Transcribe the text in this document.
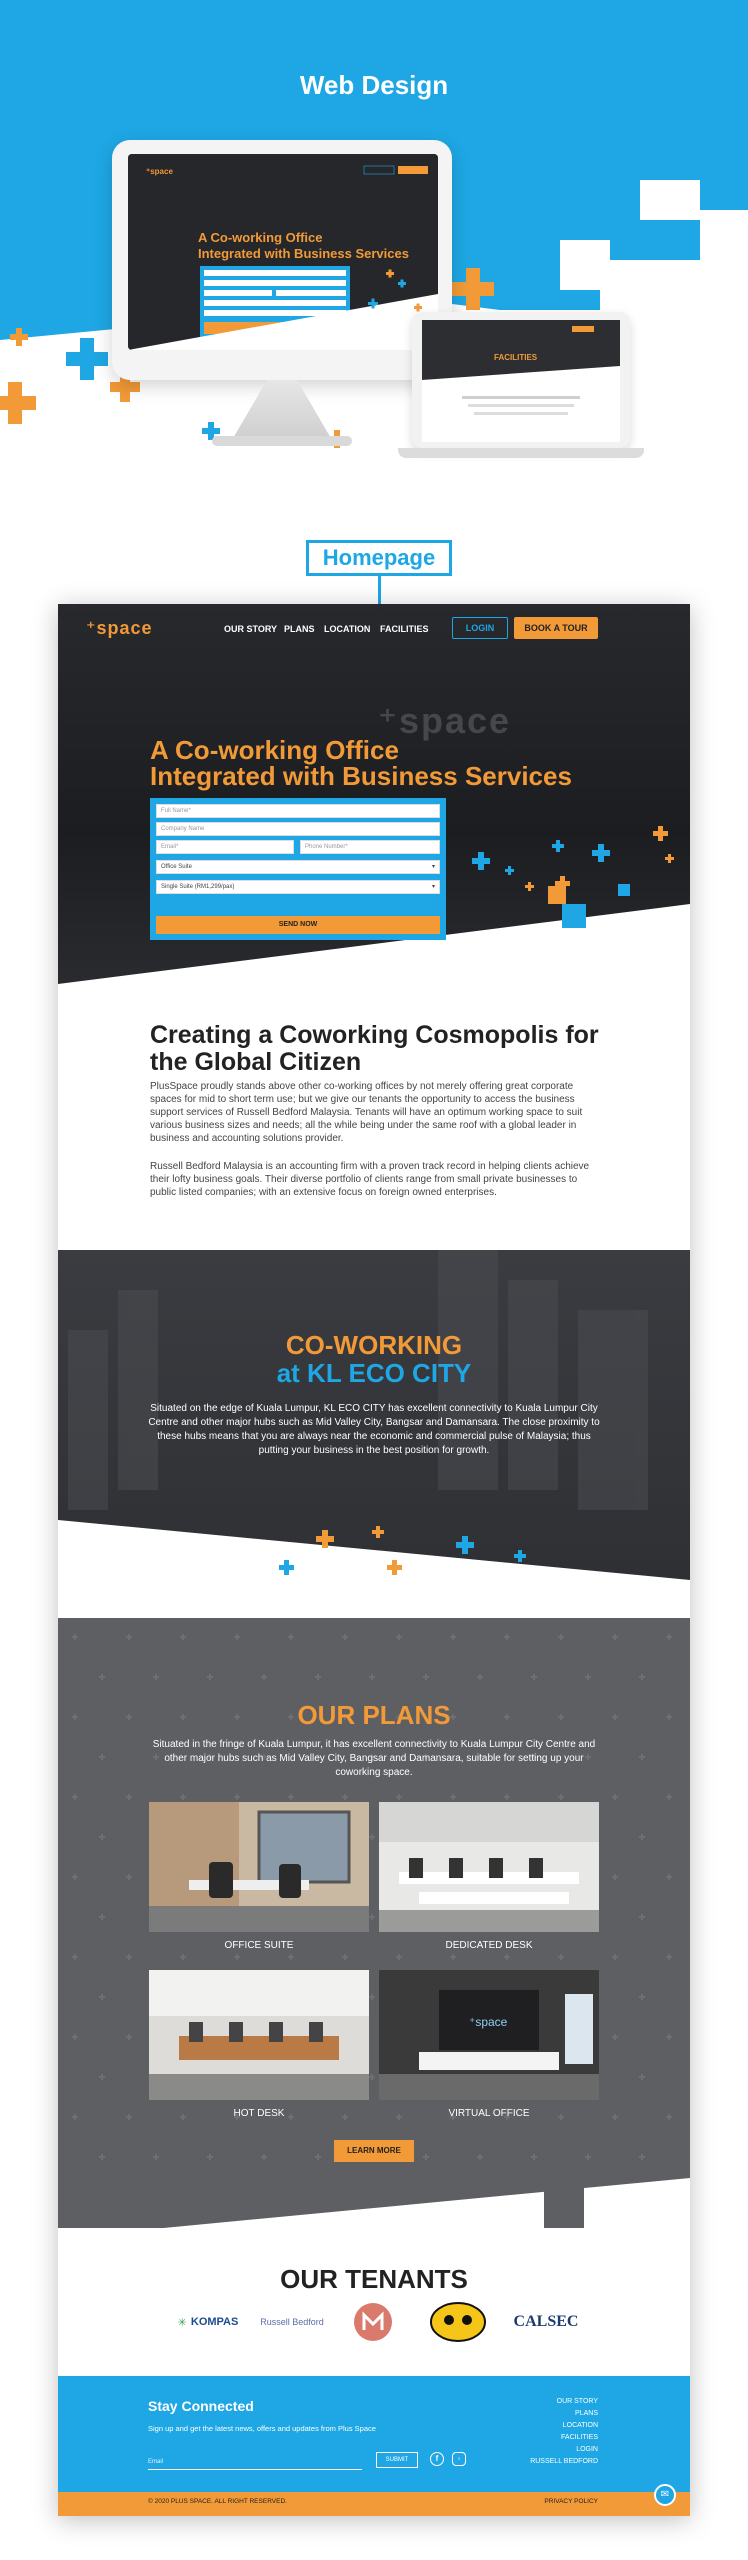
Web Design
⁺space
A Co-working Office
Integrated with Business Services
FACILITIES
Homepage
⁺space
⁺space	OUR STORY PLANS LOCATION FACILITIES	LOGIN	BOOK A TOUR
A Co-working Office
Integrated with Business Services
Full Name*
Company Name
Email*	Phone Number*
Office Suite	▾
Single Suite (RM1,299/pax)	▾
SEND NOW
Creating a Coworking Cosmopolis for
the Global Citizen
PlusSpace proudly stands above other co-working offices by not merely offering great corporate spaces for mid to short term use; but we give our tenants the opportunity to access the business support services of Russell Bedford Malaysia. Tenants will have an optimum working space to suit various business sizes and needs; all the while being under the same roof with a global leader in business and accounting solutions provider.
Russell Bedford Malaysia is an accounting firm with a proven track record in helping clients achieve their lofty business goals. Their diverse portfolio of clients range from small private businesses to public listed companies; with an extensive focus on foreign owned enterprises.
CO-WORKING
at KL ECO CITY
Situated on the edge of Kuala Lumpur, KL ECO CITY has excellent connectivity to Kuala Lumpur City Centre and other major hubs such as Mid Valley City, Bangsar and Damansara. The close proximity to these hubs means that you are always near the economic and commercial pulse of Malaysia; thus putting your business in the best position for growth.
OUR PLANS
Situated in the fringe of Kuala Lumpur, it has excellent connectivity to Kuala Lumpur City Centre and other major hubs such as Mid Valley City, Bangsar and Damansara, suitable for setting up your coworking space.
OFFICE SUITE	DEDICATED DESK
⁺space
HOT DESK	VIRTUAL OFFICE
LEARN MORE
OUR TENANTS
✳ KOMPAS Russell Bedford	CALSEC
Stay Connected
Sign up and get the latest news, offers and updates from Plus Space
Email	SUBMIT	f	◦
OUR STORY
PLANS
LOCATION
FACILITIES
LOGIN
RUSSELL BEDFORD
© 2020 PLUS SPACE. ALL RIGHT RESERVED.	PRIVACY POLICY
✉
